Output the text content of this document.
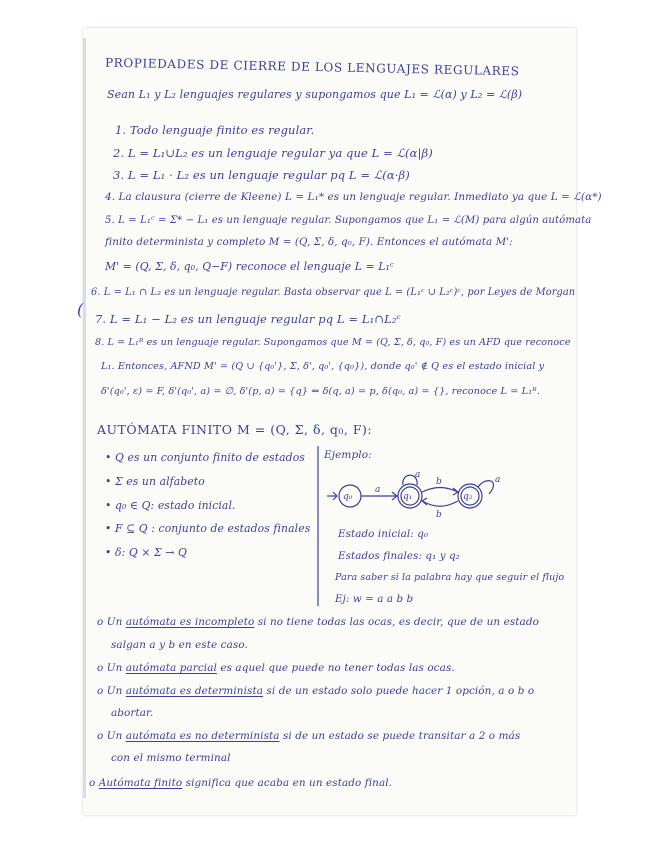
PROPIEDADES DE CIERRE DE LOS LENGUAJES REGULARES
Sean L₁ y L₂ lenguajes regulares y supongamos que L₁ = ℒ(α) y L₂ = ℒ(β)
1. Todo lenguaje finito es regular.
2. L = L₁∪L₂ es un lenguaje regular ya que L = ℒ(α|β)
3. L = L₁ · L₂ es un lenguaje regular pq L = ℒ(α·β)
4. La clausura (cierre de Kleene) L = L₁* es un lenguaje regular. Inmediato ya que L = ℒ(α*)
5. L = L₁ᶜ = Σ* − L₁ es un lenguaje regular. Supongamos que L₁ = ℒ(M) para algún autómata
finito determinista y completo M = (Q, Σ, δ, q₀, F). Entonces el autómata M':
M' = (Q, Σ, δ, q₀, Q−F) reconoce el lenguaje L = L₁ᶜ
(
6. L = L₁ ∩ L₂ es un lenguaje regular. Basta observar que L = (L₁ᶜ ∪ L₂ᶜ)ᶜ, por Leyes de Morgan
7. L = L₁ − L₂ es un lenguaje regular pq L = L₁∩L₂ᶜ
8. L = L₁ᴿ es un lenguaje regular. Supongamos que M = (Q, Σ, δ, q₀, F) es un AFD que reconoce
L₁. Entonces, AFND M' = (Q ∪ {q₀'}, Σ, δ', q₀', {q₀}), donde q₀' ∉ Q es el estado inicial y
δ'(q₀', ε) = F, δ'(q₀', a) = ∅, δ'(p, a) = {q} ⇔ δ(q, a) = p, δ(q₀, a) = {}, reconoce L = L₁ᴿ.
AUTÓMATA FINITO M = (Q, Σ, δ, q₀, F):
• Q es un conjunto finito de estados
• Σ es un alfabeto
• q₀ ∈ Q: estado inicial.
• F ⊆ Q : conjunto de estados finales
• δ: Q × Σ → Q
Ejemplo:
q₀	q₁	q₂
a
b
b
a	a
Estado inicial: q₀
Estados finales: q₁ y q₂
Para saber si la palabra hay que seguir el flujo
Ej: w = a a b b
o Un autómata es incompleto si no tiene todas las ocas, es decir, que de un estado
salgan a y b en este caso.
o Un autómata parcial es aquel que puede no tener todas las ocas.
o Un autómata es determinista si de un estado solo puede hacer 1 opción, a o b o
abortar.
o Un autómata es no determinista si de un estado se puede transitar a 2 o más
con el mismo terminal
o Autómata finito significa que acaba en un estado final.
